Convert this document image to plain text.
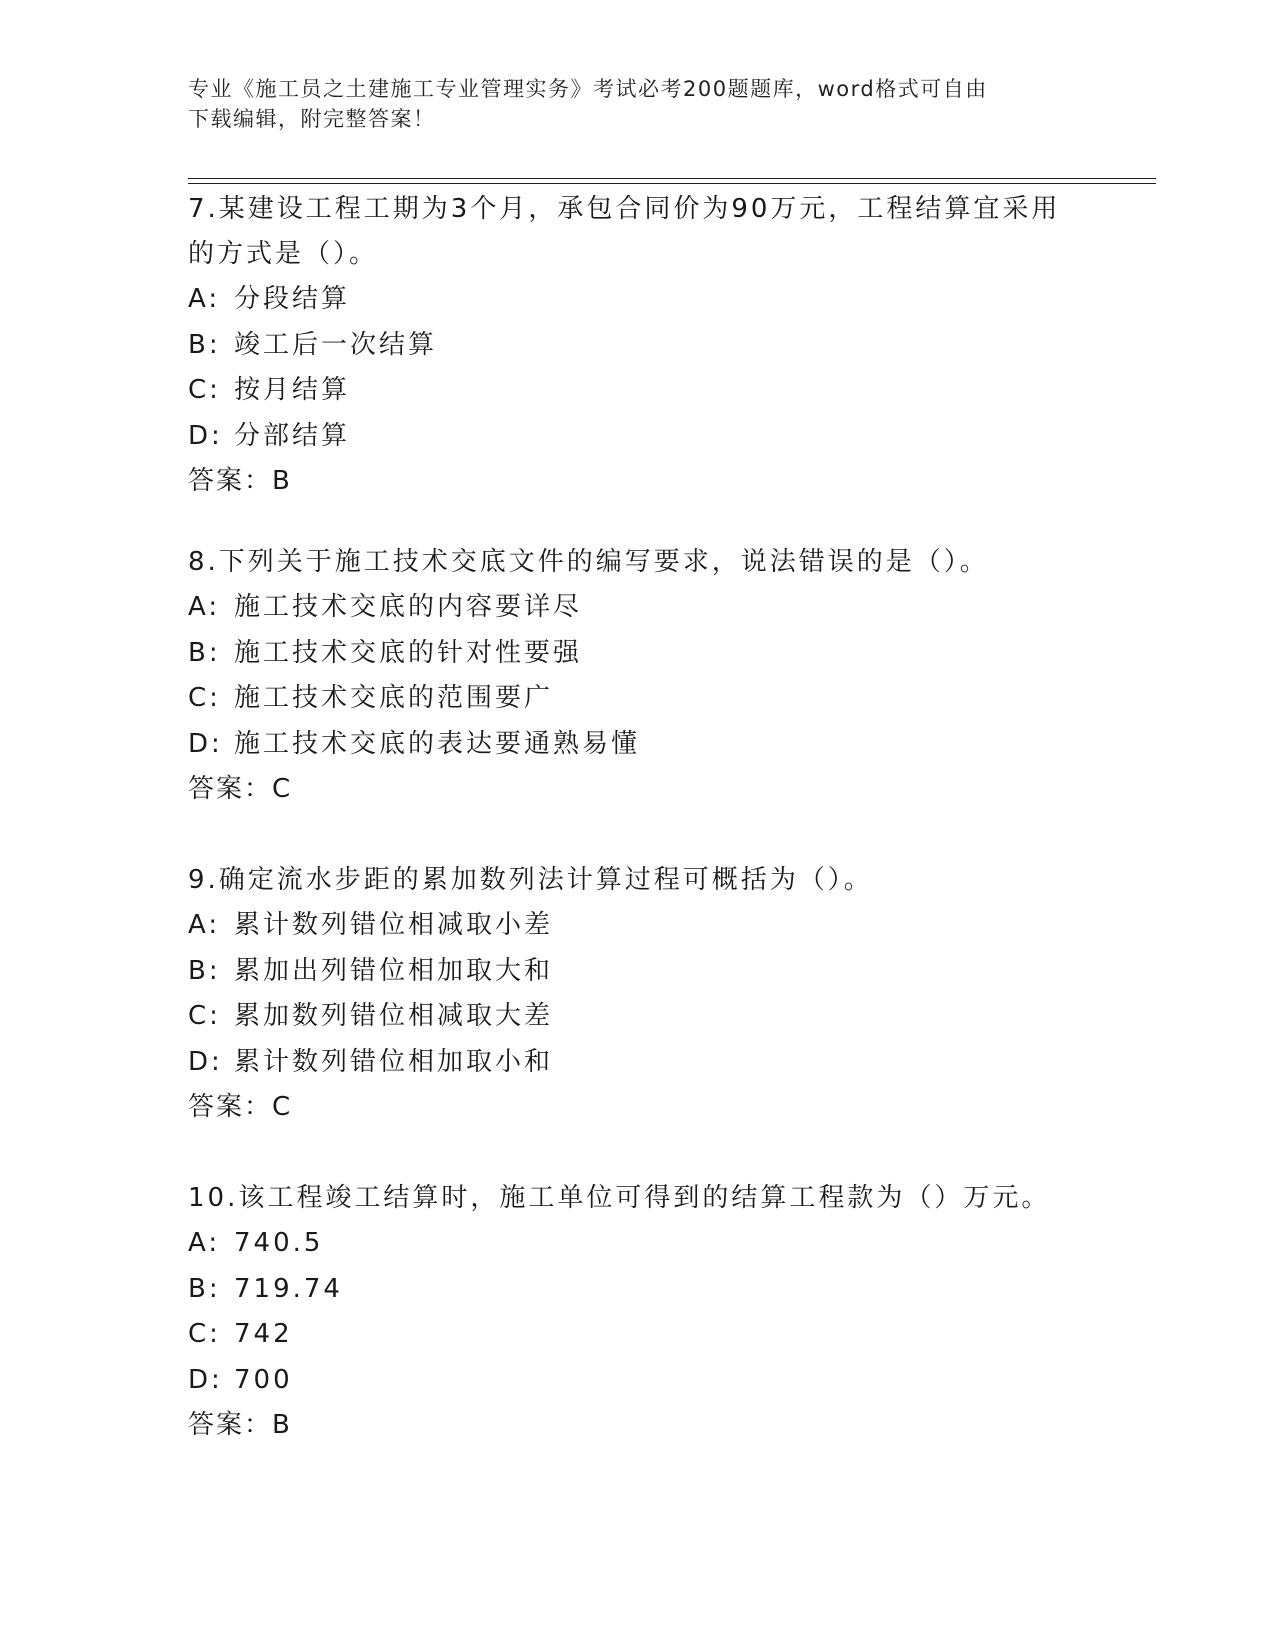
专业《施工员之土建施工专业管理实务》考试必考200题题库，word格式可自由
下载编辑，附完整答案！
7.某建设工程工期为3个月，承包合同价为90万元，工程结算宜采用
的方式是（）。
A: 分段结算
B: 竣工后一次结算
C: 按月结算
D: 分部结算
答案：B
8.下列关于施工技术交底文件的编写要求，说法错误的是（）。
A: 施工技术交底的内容要详尽
B: 施工技术交底的针对性要强
C: 施工技术交底的范围要广
D: 施工技术交底的表达要通熟易懂
答案：C
9.确定流水步距的累加数列法计算过程可概括为（）。
A: 累计数列错位相减取小差
B: 累加出列错位相加取大和
C: 累加数列错位相减取大差
D: 累计数列错位相加取小和
答案：C
10.该工程竣工结算时，施工单位可得到的结算工程款为（）万元。
A: 740.5
B: 719.74
C: 742
D: 700
答案：B
